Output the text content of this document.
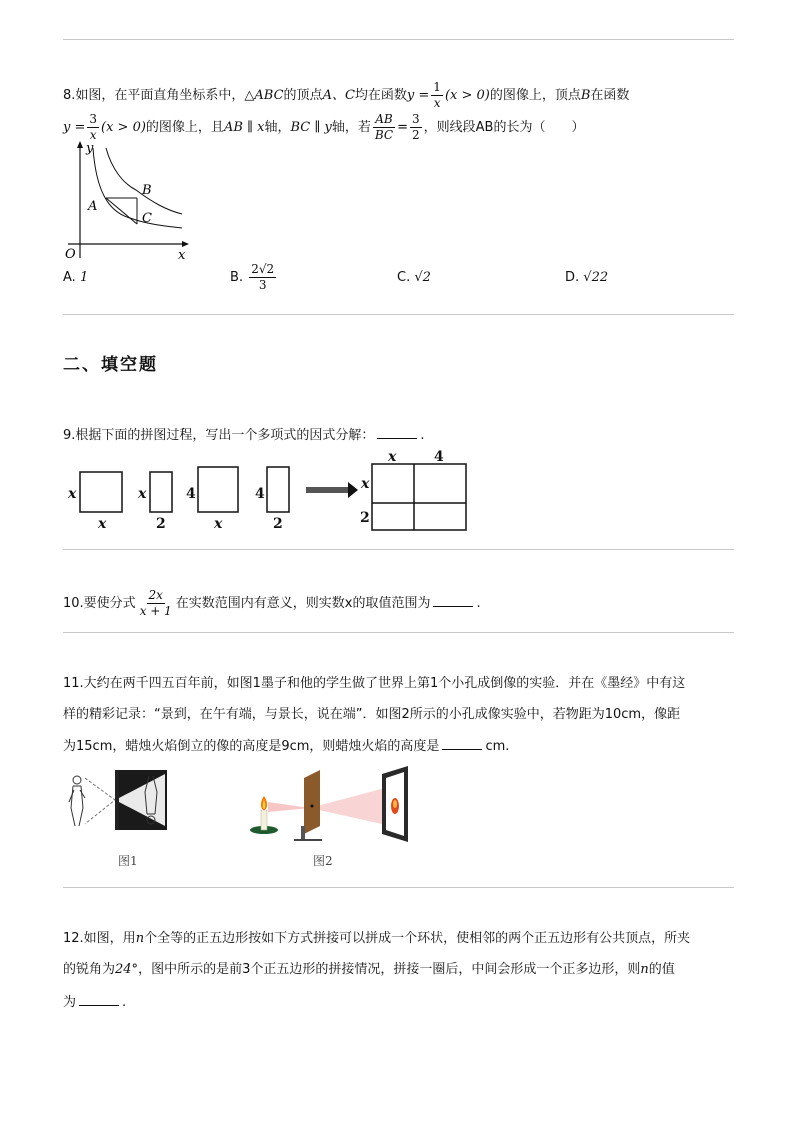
8.如图，在平面直角坐标系中，△ABC的顶点A、C均在函数$y = \frac{1}{x} (x > 0)$的图像上，顶点B在函数
$y = \frac{3}{x} (x > 0)$的图像上，且AB ∥ x轴，BC ∥ y轴，若 $\frac{AB}{BC} = \frac{3}{2}$ ，则线段AB的长为（　　）
y
x
O
A
B
C
A. 1	B. $\frac{2√2}{3}$	C. √2	D. √22
二、填空题
9.根据下面的拼图过程，写出一个多项式的因式分解：	.
x
x
x
2
4
x
4
2
x	4
x
2
10.要使分式 $\frac{2x}{x + 1}$ 在实数范围内有意义，则实数x的取值范围为	.
11.大约在两千四五百年前，如图1墨子和他的学生做了世界上第1个小孔成倒像的实验．并在《墨经》中有这
样的精彩记录：“景到，在午有端，与景长，说在端”．如图2所示的小孔成像实验中，若物距为10cm，像距
为15cm，蜡烛火焰倒立的像的高度是9cm，则蜡烛火焰的高度是	cm.
图1	图2
12.如图，用n个全等的正五边形按如下方式拼接可以拼成一个环状，使相邻的两个正五边形有公共顶点，所夹
的锐角为24°，图中所示的是前3个正五边形的拼接情况，拼接一圈后，中间会形成一个正多边形，则n的值
为	.
